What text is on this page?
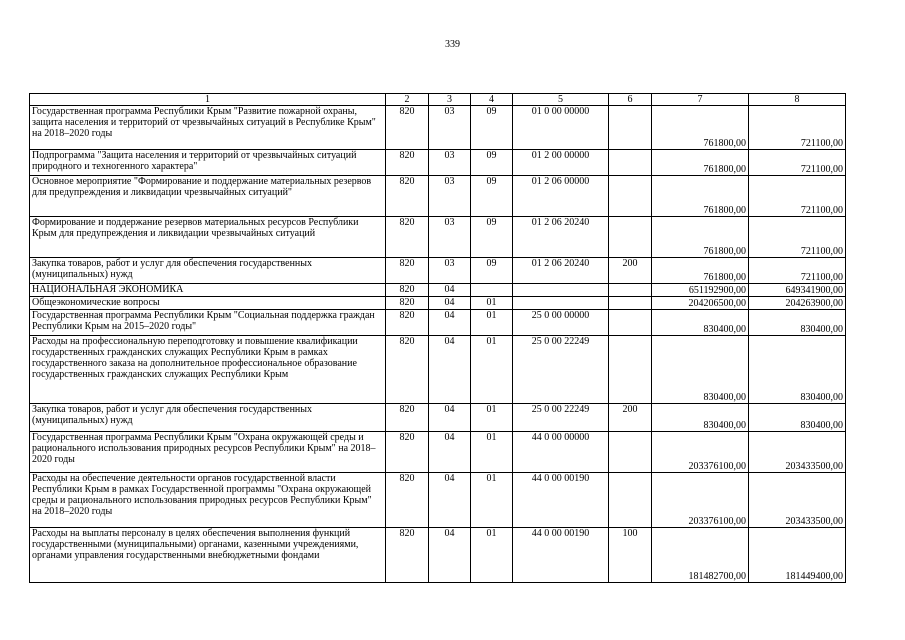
339
1	2	3	4	5	6	7	8
Государственная программа Республики Крым "Развитие пожарной охраны, защита населения и территорий от чрезвычайных ситуаций в Республике Крым" на 2018–2020 годы	820	03	09	01 0 00 00000		761800,00	721100,00
Подпрограмма "Защита населения и территорий от чрезвычайных ситуаций природного и техногенного характера"	820	03	09	01 2 00 00000		761800,00	721100,00
Основное мероприятие "Формирование и поддержание материальных резервов для предупреждения и ликвидации чрезвычайных ситуаций"	820	03	09	01 2 06 00000		761800,00	721100,00
Формирование и поддержание резервов материальных ресурсов Республики Крым для предупреждения и ликвидации чрезвычайных ситуаций	820	03	09	01 2 06 20240		761800,00	721100,00
Закупка товаров, работ и услуг для обеспечения государственных (муниципальных) нужд	820	03	09	01 2 06 20240	200	761800,00	721100,00
НАЦИОНАЛЬНАЯ ЭКОНОМИКА	820	04				651192900,00	649341900,00
Общеэкономические вопросы	820	04	01			204206500,00	204263900,00
Государственная программа Республики Крым "Социальная поддержка граждан Республики Крым на 2015–2020 годы"	820	04	01	25 0 00 00000		830400,00	830400,00
Расходы на профессиональную переподготовку и повышение квалификации государственных гражданских служащих Республики Крым в рамках государственного заказа на дополнительное профессиональное образование государственных гражданских служащих Республики Крым	820	04	01	25 0 00 22249		830400,00	830400,00
Закупка товаров, работ и услуг для обеспечения государственных (муниципальных) нужд	820	04	01	25 0 00 22249	200	830400,00	830400,00
Государственная программа Республики Крым "Охрана окружающей среды и рационального использования природных ресурсов Республики Крым" на 2018–2020 годы	820	04	01	44 0 00 00000		203376100,00	203433500,00
Расходы на обеспечение деятельности органов государственной власти Республики Крым в рамках Государственной программы "Охрана окружающей среды и рационального использования природных ресурсов Республики Крым" на 2018–2020 годы	820	04	01	44 0 00 00190		203376100,00	203433500,00
Расходы на выплаты персоналу в целях обеспечения выполнения функций государственными (муниципальными) органами, казенными учреждениями, органами управления государственными внебюджетными фондами	820	04	01	44 0 00 00190	100	181482700,00	181449400,00
